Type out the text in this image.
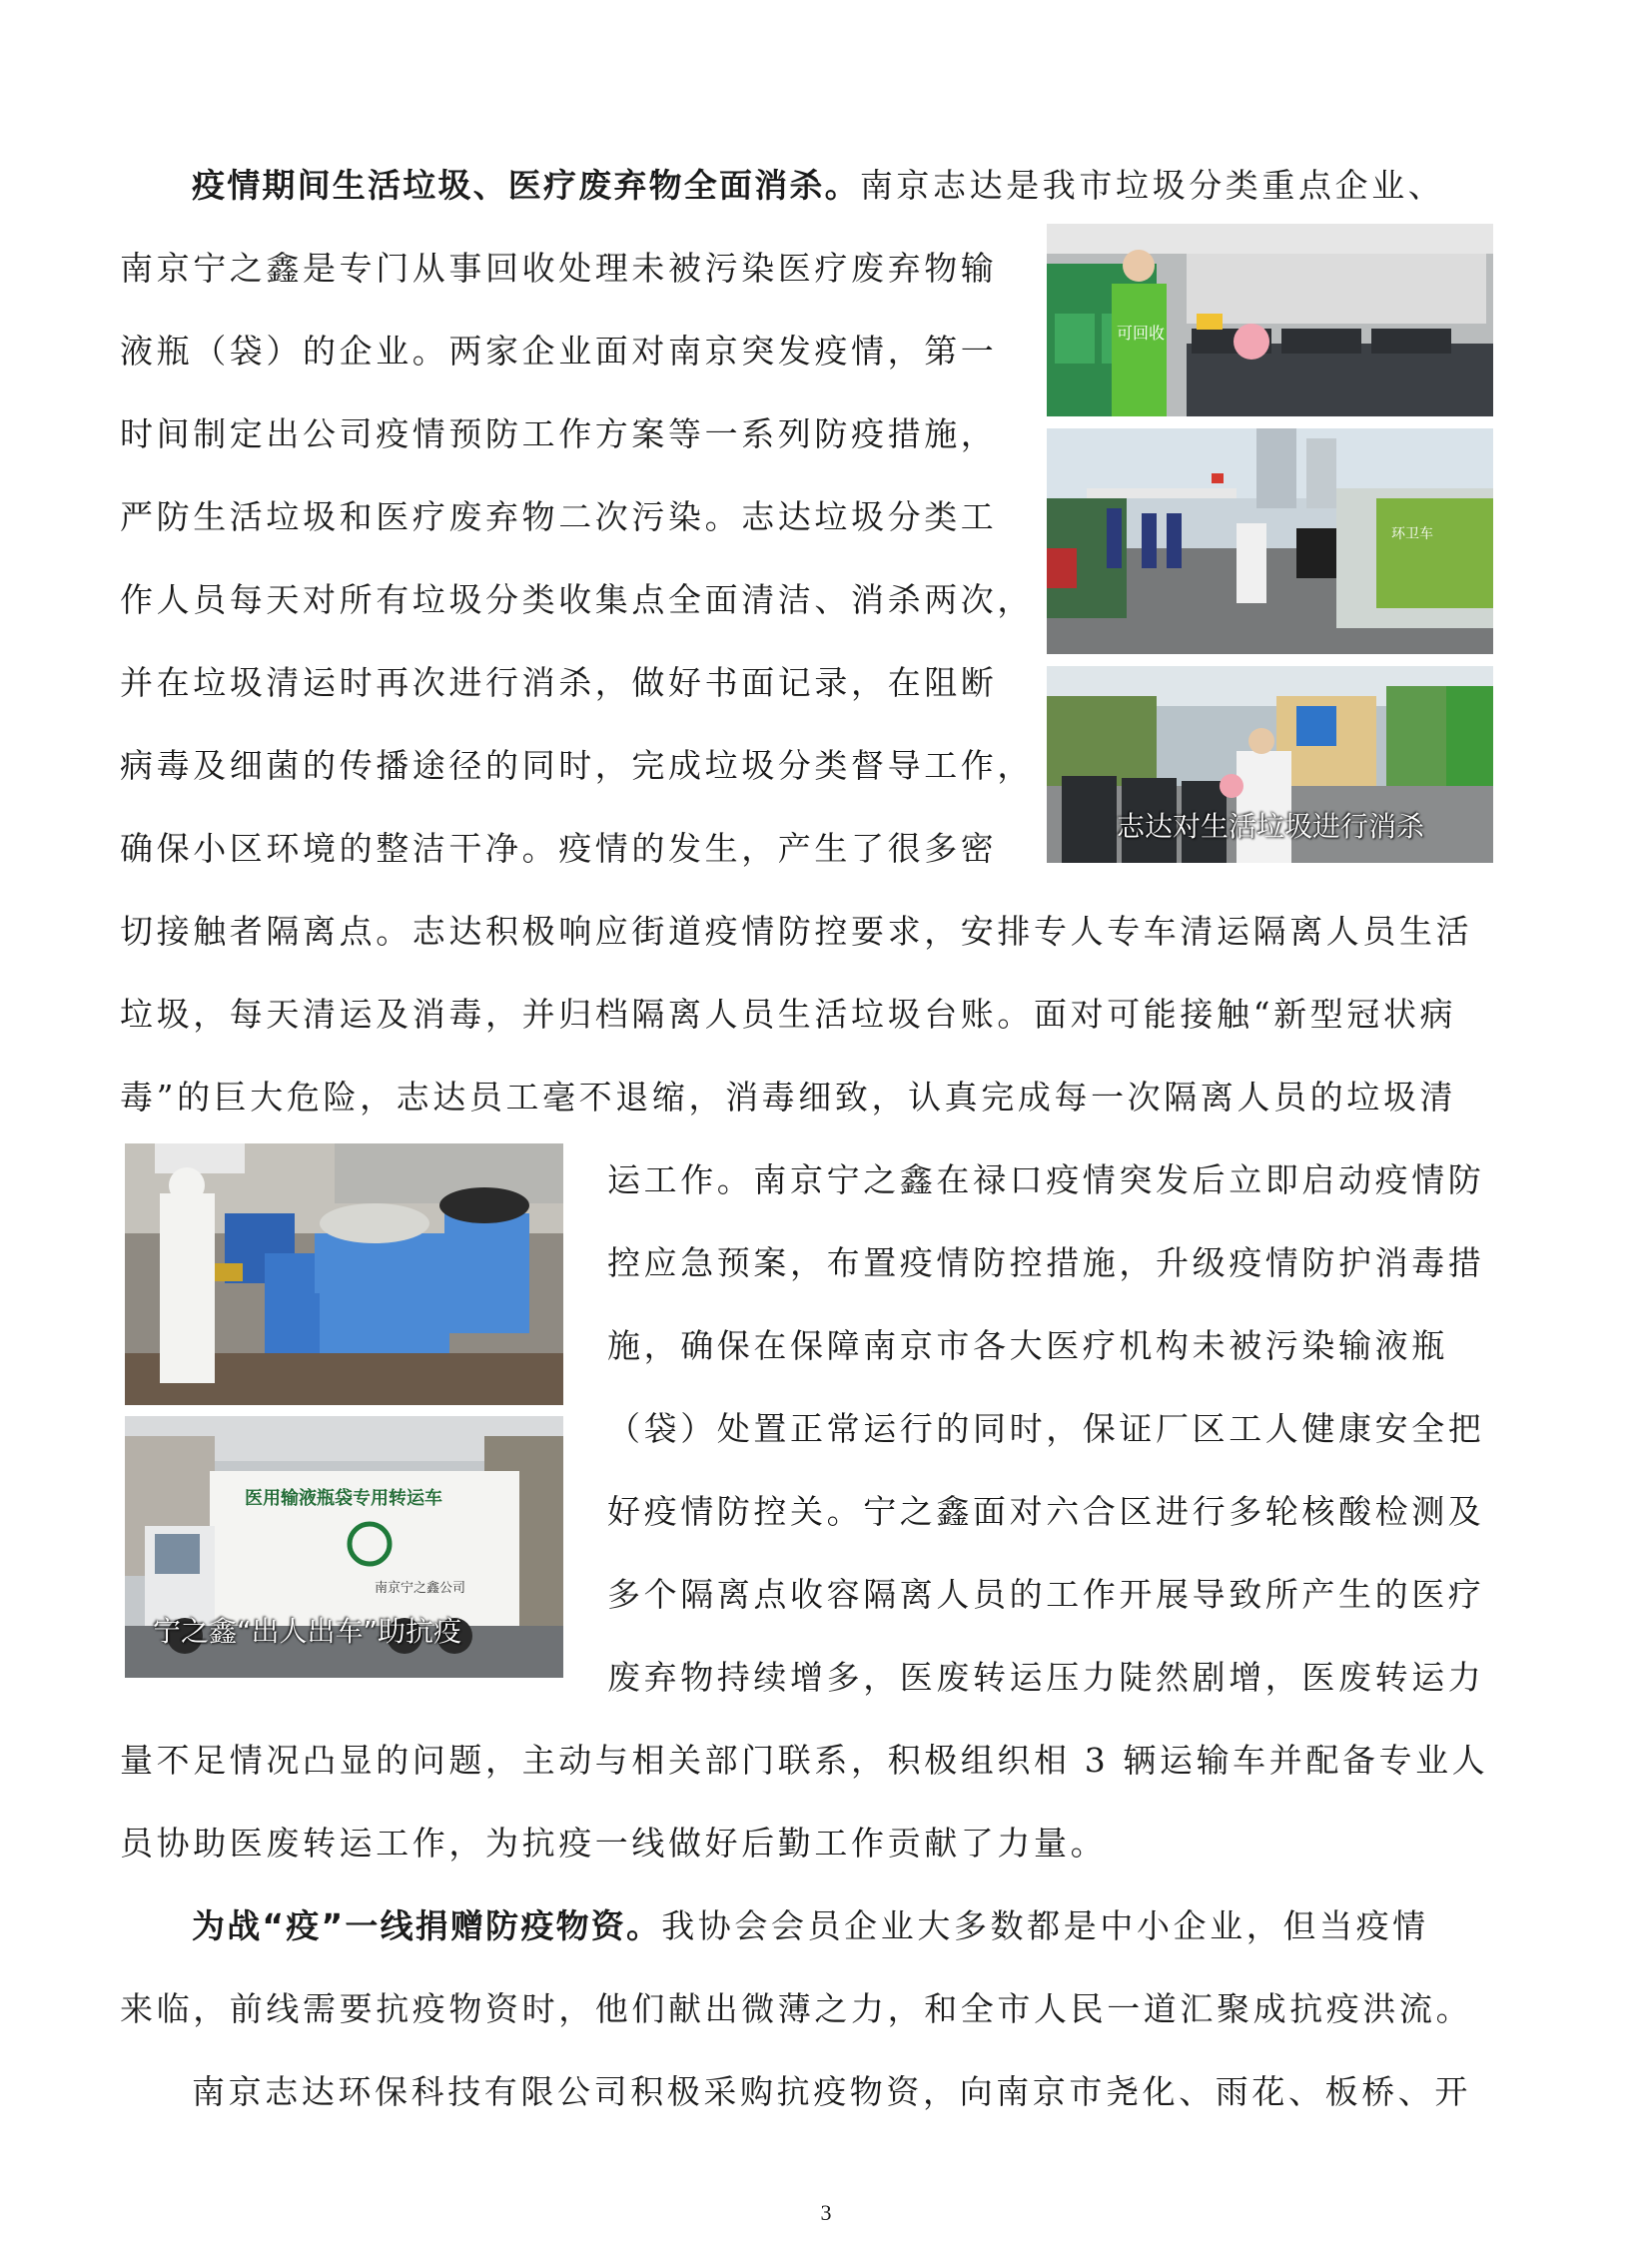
疫情期间生活垃圾、医疗废弃物全面消杀。南京志达是我市垃圾分类重点企业、
南京宁之鑫是专门从事回收处理未被污染医疗废弃物输
液瓶（袋）的企业。两家企业面对南京突发疫情，第一
时间制定出公司疫情预防工作方案等一系列防疫措施，
严防生活垃圾和医疗废弃物二次污染。志达垃圾分类工
作人员每天对所有垃圾分类收集点全面清洁、消杀两次，
并在垃圾清运时再次进行消杀，做好书面记录，在阻断
病毒及细菌的传播途径的同时，完成垃圾分类督导工作，
确保小区环境的整洁干净。疫情的发生，产生了很多密
切接触者隔离点。志达积极响应街道疫情防控要求，安排专人专车清运隔离人员生活
垃圾，每天清运及消毒，并归档隔离人员生活垃圾台账。面对可能接触“新型冠状病
毒”的巨大危险，志达员工毫不退缩，消毒细致，认真完成每一次隔离人员的垃圾清
运工作。南京宁之鑫在禄口疫情突发后立即启动疫情防
控应急预案，布置疫情防控措施，升级疫情防护消毒措
施，确保在保障南京市各大医疗机构未被污染输液瓶
（袋）处置正常运行的同时，保证厂区工人健康安全把
好疫情防控关。宁之鑫面对六合区进行多轮核酸检测及
多个隔离点收容隔离人员的工作开展导致所产生的医疗
废弃物持续增多，医废转运压力陡然剧增，医废转运力
量不足情况凸显的问题，主动与相关部门联系，积极组织相 3 辆运输车并配备专业人
员协助医废转运工作，为抗疫一线做好后勤工作贡献了力量。
为战“疫”一线捐赠防疫物资。我协会会员企业大多数都是中小企业，但当疫情
来临，前线需要抗疫物资时，他们献出微薄之力，和全市人民一道汇聚成抗疫洪流。
南京志达环保科技有限公司积极采购抗疫物资，向南京市尧化、雨花、板桥、开
可回收
环卫车
志达对生活垃圾进行消杀
医用输液瓶袋专用转运车
南京宁之鑫公司
宁之鑫“出人出车”助抗疫
3
